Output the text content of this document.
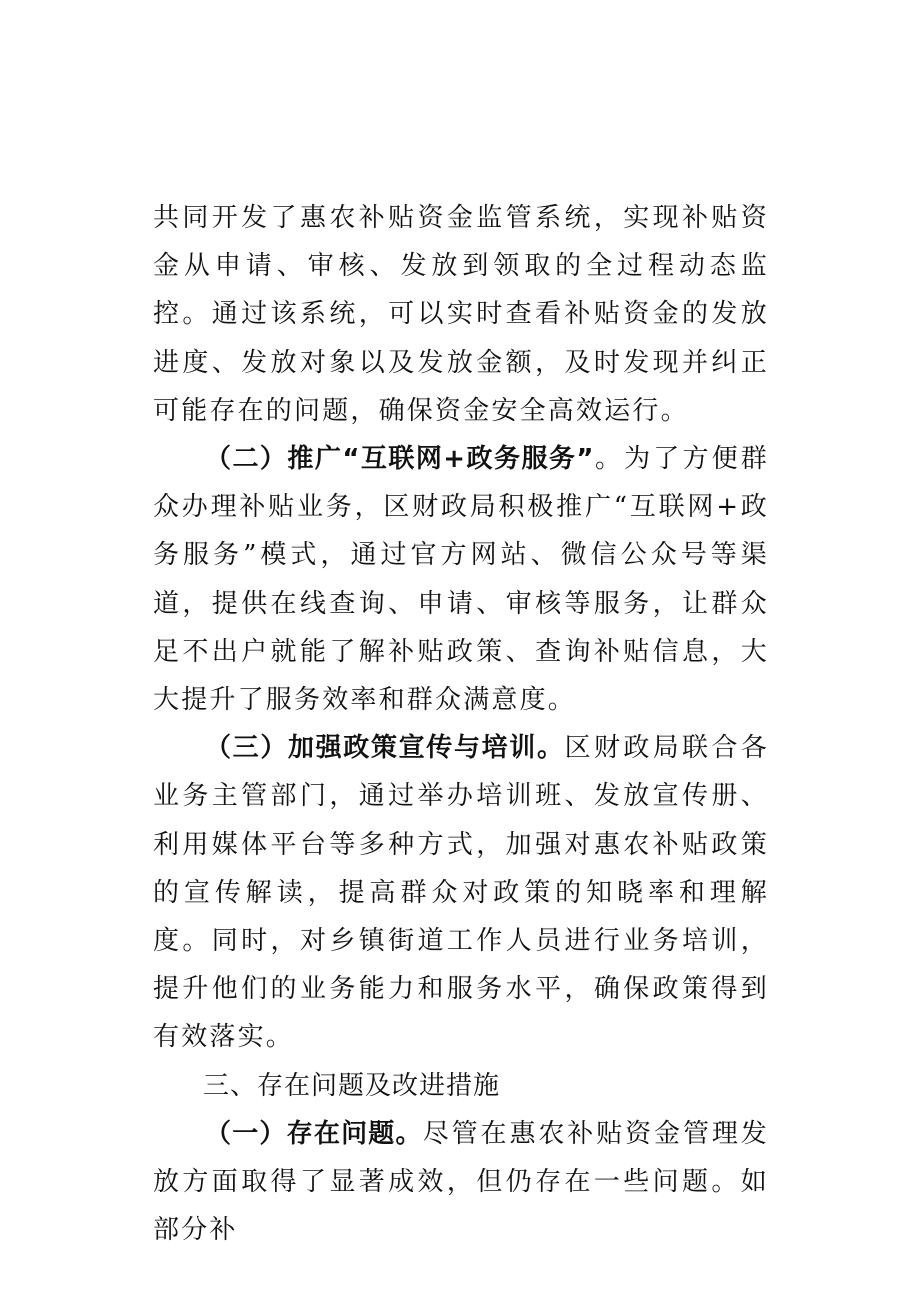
共同开发了惠农补贴资金监管系统，实现补贴资金从申请、审核、发放到领取的全过程动态监控。通过该系统，可以实时查看补贴资金的发放进度、发放对象以及发放金额，及时发现并纠正可能存在的问题，确保资金安全高效运行。

（二）推广“互联网+政务服务”。为了方便群众办理补贴业务，区财政局积极推广“互联网+政务服务”模式，通过官方网站、微信公众号等渠道，提供在线查询、申请、审核等服务，让群众足不出户就能了解补贴政策、查询补贴信息，大大提升了服务效率和群众满意度。

（三）加强政策宣传与培训。区财政局联合各业务主管部门，通过举办培训班、发放宣传册、利用媒体平台等多种方式，加强对惠农补贴政策的宣传解读，提高群众对政策的知晓率和理解度。同时，对乡镇街道工作人员进行业务培训，提升他们的业务能力和服务水平，确保政策得到有效落实。

三、存在问题及改进措施

（一）存在问题。尽管在惠农补贴资金管理发放方面取得了显著成效，但仍存在一些问题。如部分补
